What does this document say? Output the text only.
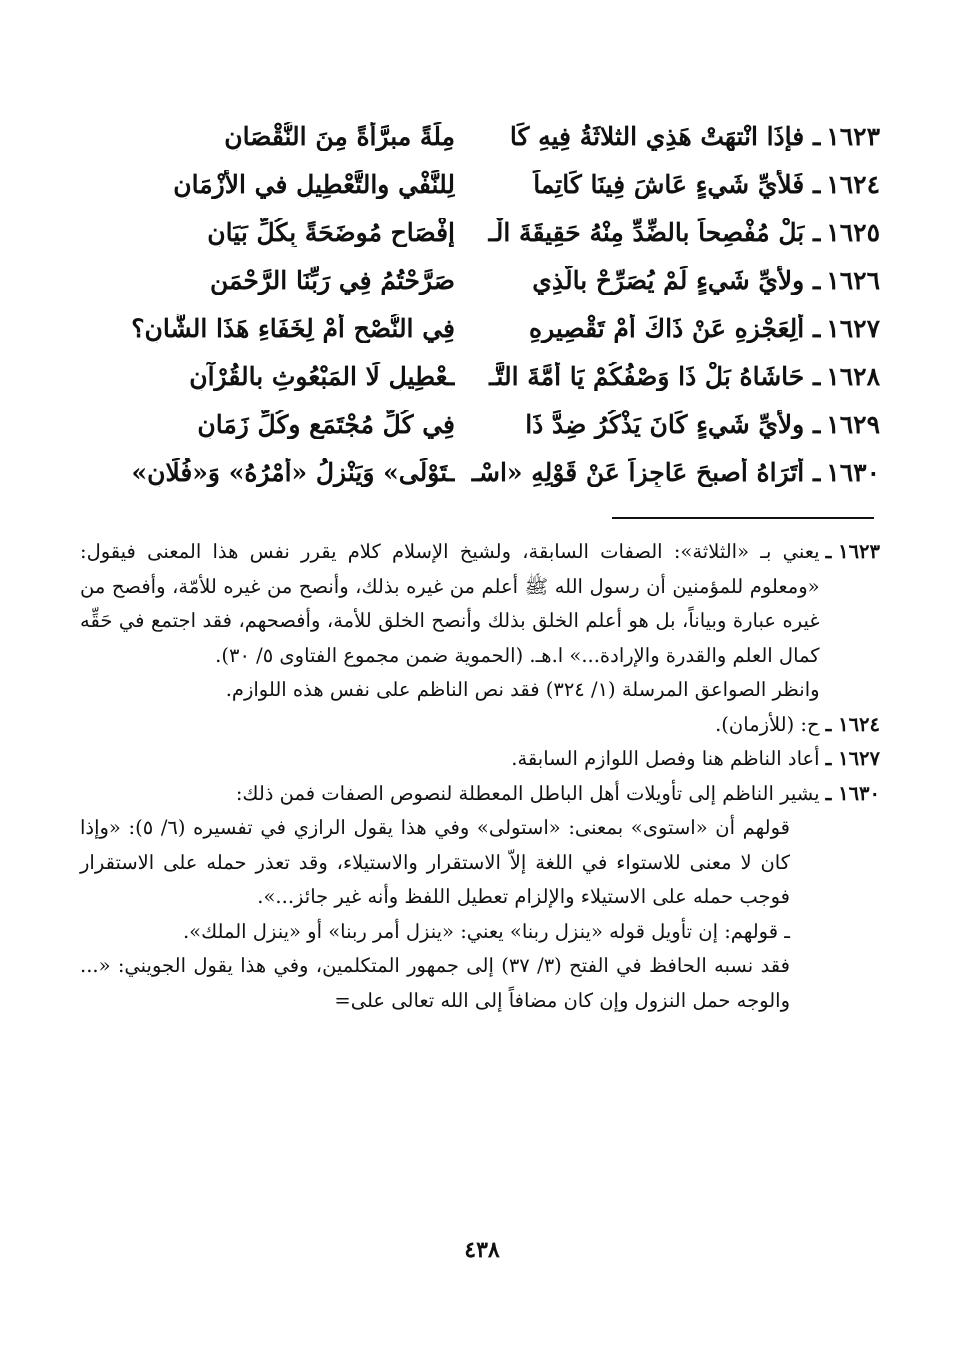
١٦٢٣ـ فإذَا انْتهَتْ هَذِي الثلاثَةُ فِيهِ كَا
مِلَةً مبرَّأةً مِنَ النُّقْصَانِ
١٦٢٤ـ فَلأَيِّ شَيءٍ عَاشَ فِينَا كَاتِماً
لِلنَّفْيِ والتَّعْطِيلِ في الأزْمَانِ
١٦٢٥ـ بَلْ مُفْصِحاً بالضِّدِّ مِنْهُ حَقِيقَةَ الْـ
إفْصَاحِ مُوضَحَةً بِكُلِّ بَيَانِ
١٦٢٦ـ ولأيِّ شَيءٍ لَمْ يُصَرِّحْ بالَّذِي
صَرَّحْتُمُ فِي رَبِّنَا الرَّحْمَنِ
١٦٢٧ـ ألِعَجْزِهِ عَنْ ذَاكَ أمْ تَقْصِيرِهِ
فِي النُّصْحِ أمْ لِخَفَاءِ هَذَا الشَّانِ؟
١٦٢٨ـ حَاشَاهُ بَلْ ذَا وَصْفُكُمْ يَا أمَّةَ التَّـ
ـعْطِيلِ لَا المَبْعُوثِ بالقُرْآنِ
١٦٢٩ـ ولأيِّ شَيءٍ كَانَ يَذْكُرُ ضِدَّ ذَا
فِي كُلِّ مُجْتَمَعٍ وكُلِّ زَمَانِ
١٦٣٠ـ أتَرَاهُ أصبحَ عَاجِزاً عَنْ قَوْلِهِ «اسْـ
ـتَوْلَى» وَيَنْزِلُ «أمْرُهُ» وَ«فُلَانِ»
١٦٢٣ ـ
يعني بـ «الثلاثة»: الصفات السابقة، ولشيخ الإسلام كلام يقرر نفس هذا المعنى فيقول: «ومعلوم للمؤمنين أن رسول الله ﷺ أعلم من غيره بذلك، وأنصح من غيره للأمّة، وأفصح من غيره عبارة وبياناً، بل هو أعلم الخلق بذلك وأنصح الخلق للأمة، وأفصحهم، فقد اجتمع في حَقِّه كمال العلم والقدرة والإرادة...» ا.هـ. (الحموية ضمن مجموع الفتاوى ٥/ ٣٠).
وانظر الصواعق المرسلة (١/ ٣٢٤) فقد نص الناظم على نفس هذه اللوازم.
١٦٢٤ ـ
ح: (للأزمان).
١٦٢٧ ـ
أعاد الناظم هنا وفصل اللوازم السابقة.
١٦٣٠ ـ
يشير الناظم إلى تأويلات أهل الباطل المعطلة لنصوص الصفات فمن ذلك:
قولهم أن «استوى» بمعنى: «استولى» وفي هذا يقول الرازي في تفسيره (٦/ ٥): «وإذا كان لا معنى للاستواء في اللغة إلاّ الاستقرار والاستيلاء، وقد تعذر حمله على الاستقرار فوجب حمله على الاستيلاء والإلزام تعطيل اللفظ وأنه غير جائز...».
ـ قولهم: إن تأويل قوله «ينزل ربنا» يعني: «ينزل أمر ربنا» أو «ينزل الملك».
فقد نسبه الحافظ في الفتح (٣/ ٣٧) إلى جمهور المتكلمين، وفي هذا يقول الجويني: «... والوجه حمل النزول وإن كان مضافاً إلى الله تعالى على=
٤٣٨
